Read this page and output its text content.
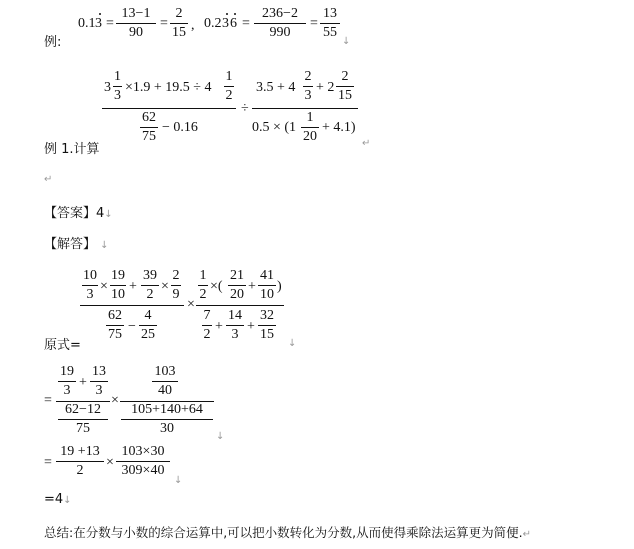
例:
0.1 3 =
13−1
90
=
2
15 , 0.2 3 6 =
236−2
990
=
13
55
↓
例 1.计算
3
1
3
×1.9 + 19.5 ÷ 4
1
2
62
75
− 0.16
÷
3.5 + 4
2
3
+ 2
2
15
0.5 × (1
1
20
+ 4.1)
↵
↵
【答案】4↓
【解答】 ↓
原式=
10
3
×
19
10
+
39
2
×
2
9
62
75
−
4
25
×
1
2
×(
21
20
+
41
10
)
7
2
+
14
3
+
32
15
↓
=
19
3
+
13
3
62−12
75
×
103
40
105+140+64
30
↓
=
19 +13
2
×
103×30
309×40
↓
=4↓
总结:在分数与小数的综合运算中,可以把小数转化为分数,从而使得乘除法运算更为简便.↵
